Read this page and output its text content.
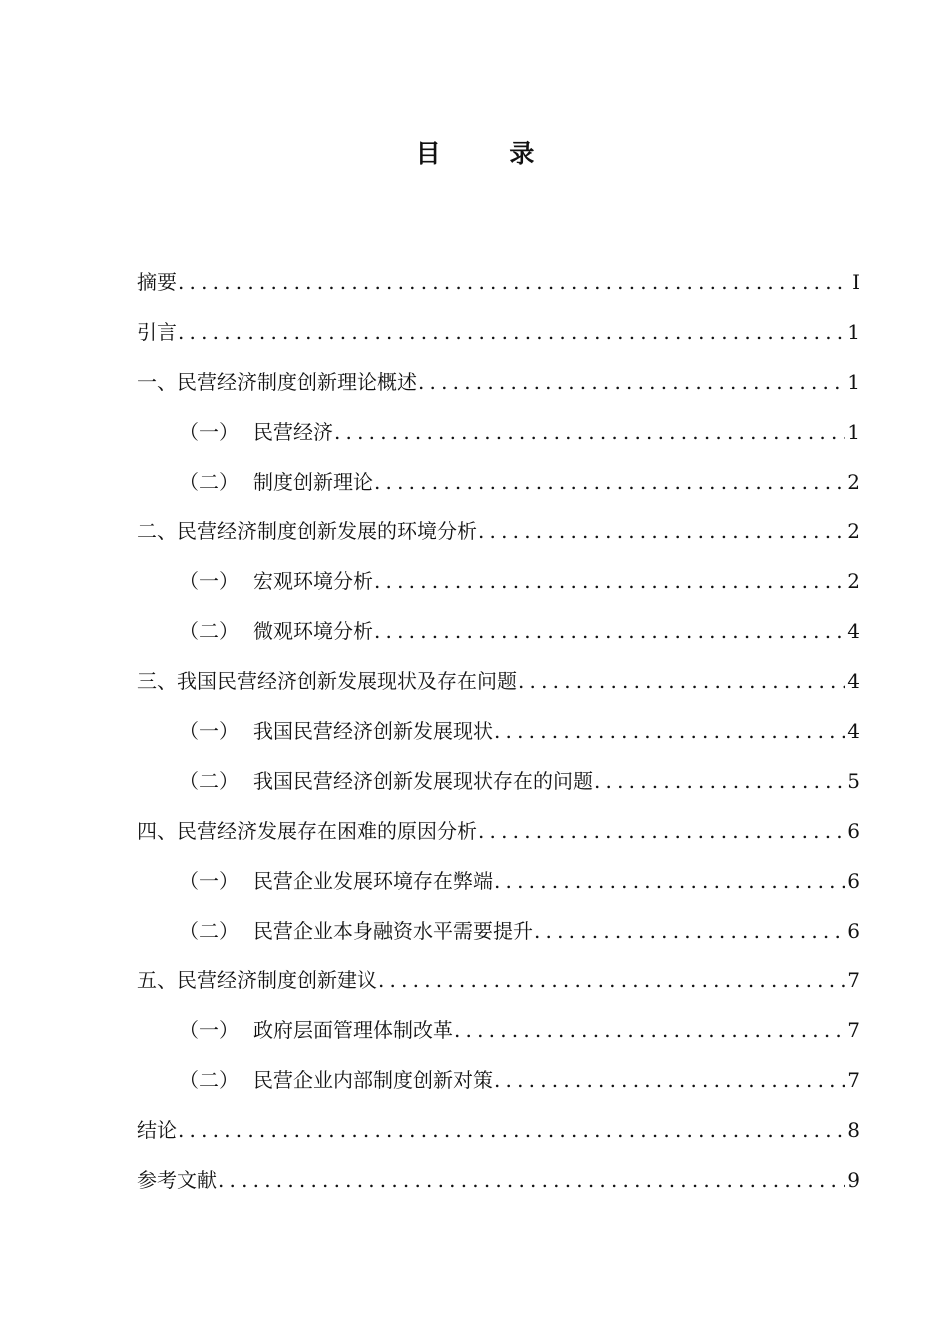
目 录
摘要 .....	I
引言 .....	1
一、民营经济制度创新理论概述 .....	1
（一） 民营经济 .....	1
（二） 制度创新理论 .....	2
二、民营经济制度创新发展的环境分析 .....	2
（一） 宏观环境分析 .....	2
（二） 微观环境分析 .....	4
三、我国民营经济创新发展现状及存在问题 .....	4
（一） 我国民营经济创新发展现状 .....	4
（二） 我国民营经济创新发展现状存在的问题 .....	5
四、民营经济发展存在困难的原因分析 .....	6
（一） 民营企业发展环境存在弊端 .....	6
（二） 民营企业本身融资水平需要提升 .....	6
五、民营经济制度创新建议 .....	7
（一） 政府层面管理体制改革 .....	7
（二） 民营企业内部制度创新对策 .....	7
结论 .....	8
参考文献 .....	9
